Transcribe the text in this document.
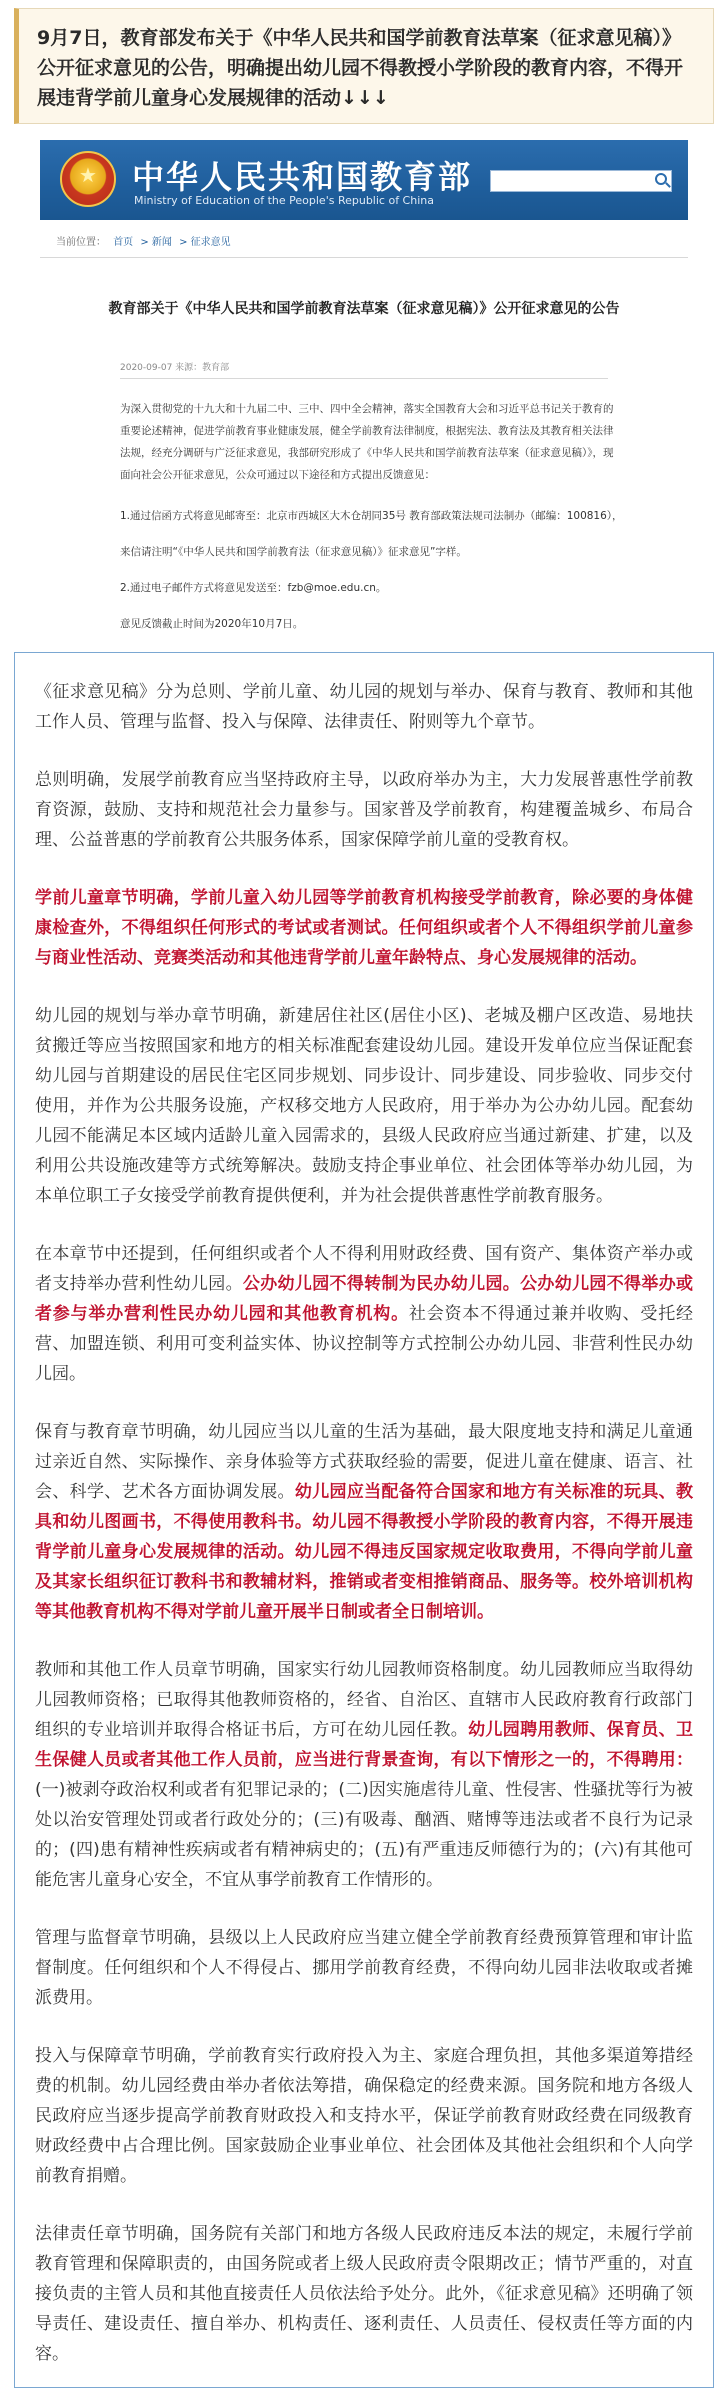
9月7日，教育部发布关于《中华人民共和国学前教育法草案（征求意见稿）》公开征求意见的公告，明确提出幼儿园不得教授小学阶段的教育内容，不得开展违背学前儿童身心发展规律的活动↓↓↓
★	中华人民共和国教育部
Ministry of Education of the People's Republic of China
当前位置： 首页 > 新闻 > 征求意见
教育部关于《中华人民共和国学前教育法草案（征求意见稿）》公开征求意见的公告
2020-09-07 来源：教育部
为深入贯彻党的十九大和十九届二中、三中、四中全会精神，落实全国教育大会和习近平总书记关于教育的重要论述精神，促进学前教育事业健康发展，健全学前教育法律制度，根据宪法、教育法及其教育相关法律法规，经充分调研与广泛征求意见，我部研究形成了《中华人民共和国学前教育法草案（征求意见稿）》，现面向社会公开征求意见，公众可通过以下途径和方式提出反馈意见：
1.通过信函方式将意见邮寄至：北京市西城区大木仓胡同35号 教育部政策法规司法制办（邮编：100816），
来信请注明“《中华人民共和国学前教育法（征求意见稿）》征求意见”字样。
2.通过电子邮件方式将意见发送至：fzb@moe.edu.cn。
意见反馈截止时间为2020年10月7日。

《征求意见稿》分为总则、学前儿童、幼儿园的规划与举办、保育与教育、教师和其他工作人员、管理与监督、投入与保障、法律责任、附则等九个章节。

总则明确，发展学前教育应当坚持政府主导，以政府举办为主，大力发展普惠性学前教育资源，鼓励、支持和规范社会力量参与。国家普及学前教育，构建覆盖城乡、布局合理、公益普惠的学前教育公共服务体系，国家保障学前儿童的受教育权。

学前儿童章节明确，学前儿童入幼儿园等学前教育机构接受学前教育，除必要的身体健康检查外，不得组织任何形式的考试或者测试。任何组织或者个人不得组织学前儿童参与商业性活动、竞赛类活动和其他违背学前儿童年龄特点、身心发展规律的活动。

幼儿园的规划与举办章节明确，新建居住社区(居住小区)、老城及棚户区改造、易地扶贫搬迁等应当按照国家和地方的相关标准配套建设幼儿园。建设开发单位应当保证配套幼儿园与首期建设的居民住宅区同步规划、同步设计、同步建设、同步验收、同步交付使用，并作为公共服务设施，产权移交地方人民政府，用于举办为公办幼儿园。配套幼儿园不能满足本区域内适龄儿童入园需求的，县级人民政府应当通过新建、扩建，以及利用公共设施改建等方式统筹解决。鼓励支持企事业单位、社会团体等举办幼儿园，为本单位职工子女接受学前教育提供便利，并为社会提供普惠性学前教育服务。

在本章节中还提到，任何组织或者个人不得利用财政经费、国有资产、集体资产举办或者支持举办营利性幼儿园。公办幼儿园不得转制为民办幼儿园。公办幼儿园不得举办或者参与举办营利性民办幼儿园和其他教育机构。社会资本不得通过兼并收购、受托经营、加盟连锁、利用可变利益实体、协议控制等方式控制公办幼儿园、非营利性民办幼儿园。

保育与教育章节明确，幼儿园应当以儿童的生活为基础，最大限度地支持和满足儿童通过亲近自然、实际操作、亲身体验等方式获取经验的需要，促进儿童在健康、语言、社会、科学、艺术各方面协调发展。幼儿园应当配备符合国家和地方有关标准的玩具、教具和幼儿图画书，不得使用教科书。幼儿园不得教授小学阶段的教育内容，不得开展违背学前儿童身心发展规律的活动。幼儿园不得违反国家规定收取费用，不得向学前儿童及其家长组织征订教科书和教辅材料，推销或者变相推销商品、服务等。校外培训机构等其他教育机构不得对学前儿童开展半日制或者全日制培训。

教师和其他工作人员章节明确，国家实行幼儿园教师资格制度。幼儿园教师应当取得幼儿园教师资格；已取得其他教师资格的，经省、自治区、直辖市人民政府教育行政部门组织的专业培训并取得合格证书后，方可在幼儿园任教。幼儿园聘用教师、保育员、卫生保健人员或者其他工作人员前，应当进行背景查询，有以下情形之一的，不得聘用：(一)被剥夺政治权利或者有犯罪记录的；(二)因实施虐待儿童、性侵害、性骚扰等行为被处以治安管理处罚或者行政处分的；(三)有吸毒、酗酒、赌博等违法或者不良行为记录的；(四)患有精神性疾病或者有精神病史的；(五)有严重违反师德行为的；(六)有其他可能危害儿童身心安全，不宜从事学前教育工作情形的。

管理与监督章节明确，县级以上人民政府应当建立健全学前教育经费预算管理和审计监督制度。任何组织和个人不得侵占、挪用学前教育经费，不得向幼儿园非法收取或者摊派费用。

投入与保障章节明确，学前教育实行政府投入为主、家庭合理负担，其他多渠道筹措经费的机制。幼儿园经费由举办者依法筹措，确保稳定的经费来源。国务院和地方各级人民政府应当逐步提高学前教育财政投入和支持水平，保证学前教育财政经费在同级教育财政经费中占合理比例。国家鼓励企业事业单位、社会团体及其他社会组织和个人向学前教育捐赠。

法律责任章节明确，国务院有关部门和地方各级人民政府违反本法的规定，未履行学前教育管理和保障职责的，由国务院或者上级人民政府责令限期改正；情节严重的，对直接负责的主管人员和其他直接责任人员依法给予处分。此外，《征求意见稿》还明确了领导责任、建设责任、擅自举办、机构责任、逐利责任、人员责任、侵权责任等方面的内容。
